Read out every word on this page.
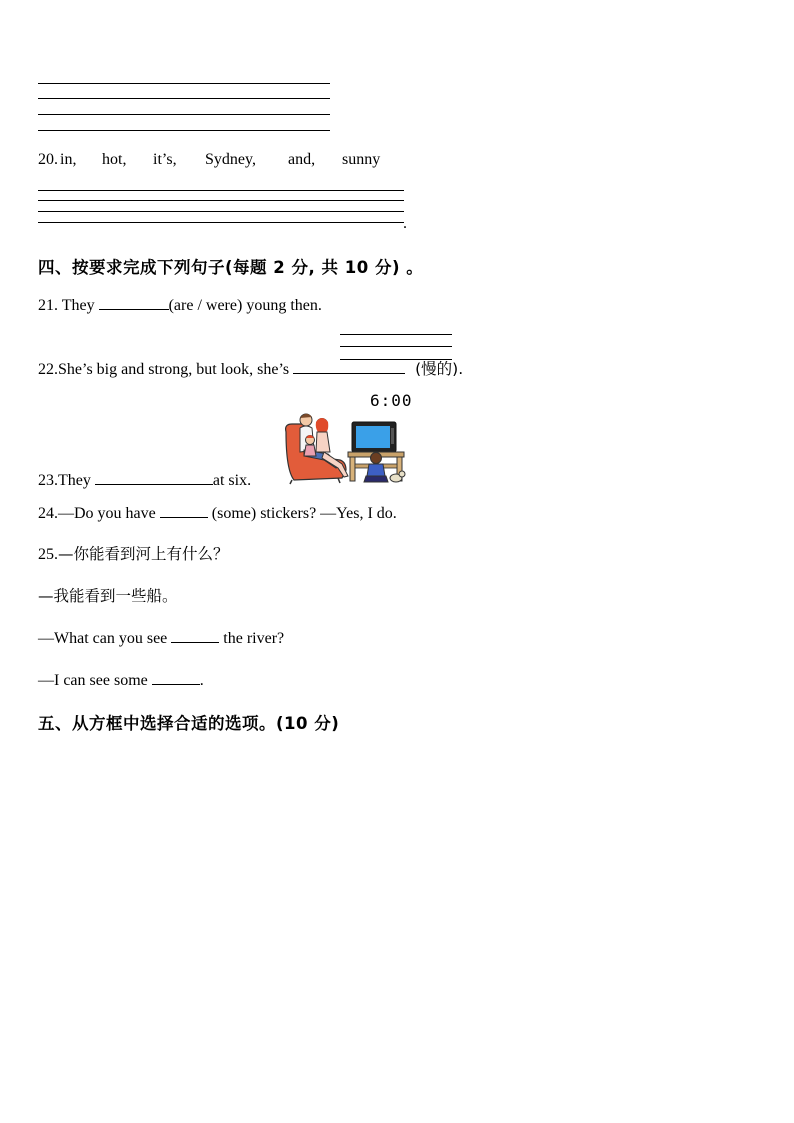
20. in, hot, it’s, Sydney, and, sunny
.
四、按要求完成下列句子(每题 2 分, 共 10 分) 。
21. They	(are / were) young then.
22.She’s big and strong, but look, she’s	(慢的).
6:00
23.They	at six.
24.—Do you have	(some) stickers? —Yes, I do.
25.—你能看到河上有什么？
—我能看到一些船。
—What can you see	the river?
—I can see some	.
五、从方框中选择合适的选项。(10 分)
